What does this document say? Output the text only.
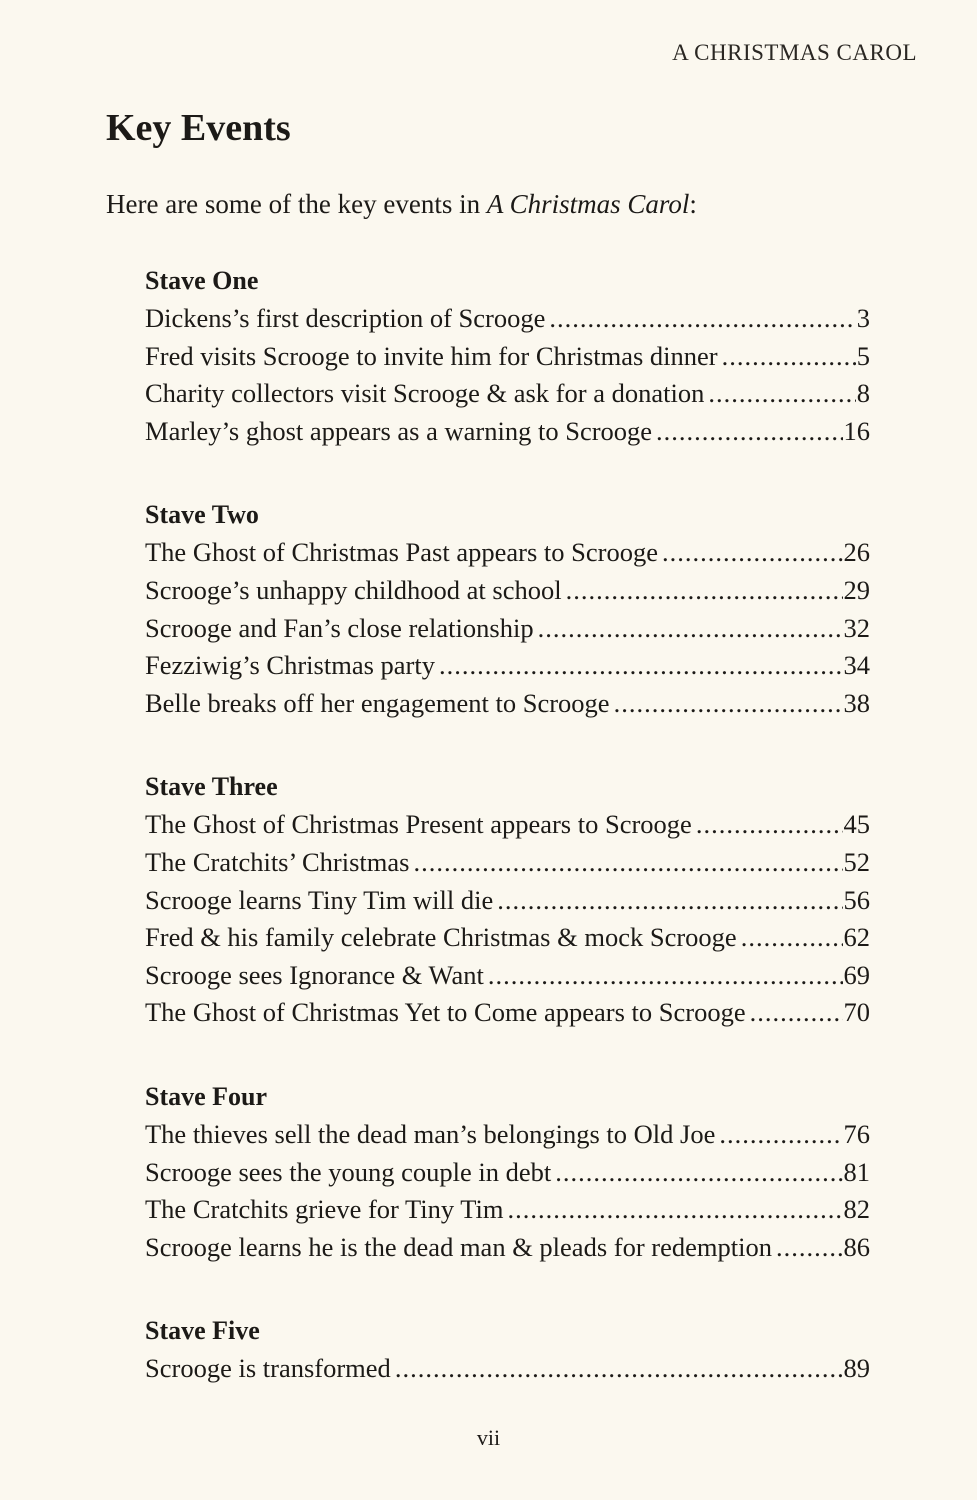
A CHRISTMAS CAROL
Key Events

Here are some of the key events in A Christmas Carol:

Stave One
Dickens’s first description of Scrooge .....	3
Fred visits Scrooge to invite him for Christmas dinner .....	5
Charity collectors visit Scrooge & ask for a donation .....	8
Marley’s ghost appears as a warning to Scrooge .....	16
Stave Two
The Ghost of Christmas Past appears to Scrooge .....	26
Scrooge’s unhappy childhood at school .....	29
Scrooge and Fan’s close relationship .....	32
Fezziwig’s Christmas party .....	34
Belle breaks off her engagement to Scrooge .....	38
Stave Three
The Ghost of Christmas Present appears to Scrooge .....	45
The Cratchits’ Christmas .....	52
Scrooge learns Tiny Tim will die .....	56
Fred & his family celebrate Christmas & mock Scrooge .....	62
Scrooge sees Ignorance & Want .....	69
The Ghost of Christmas Yet to Come appears to Scrooge .....	70
Stave Four
The thieves sell the dead man’s belongings to Old Joe .....	76
Scrooge sees the young couple in debt .....	81
The Cratchits grieve for Tiny Tim .....	82
Scrooge learns he is the dead man & pleads for redemption .....	86
Stave Five
Scrooge is transformed .....	89
vii
